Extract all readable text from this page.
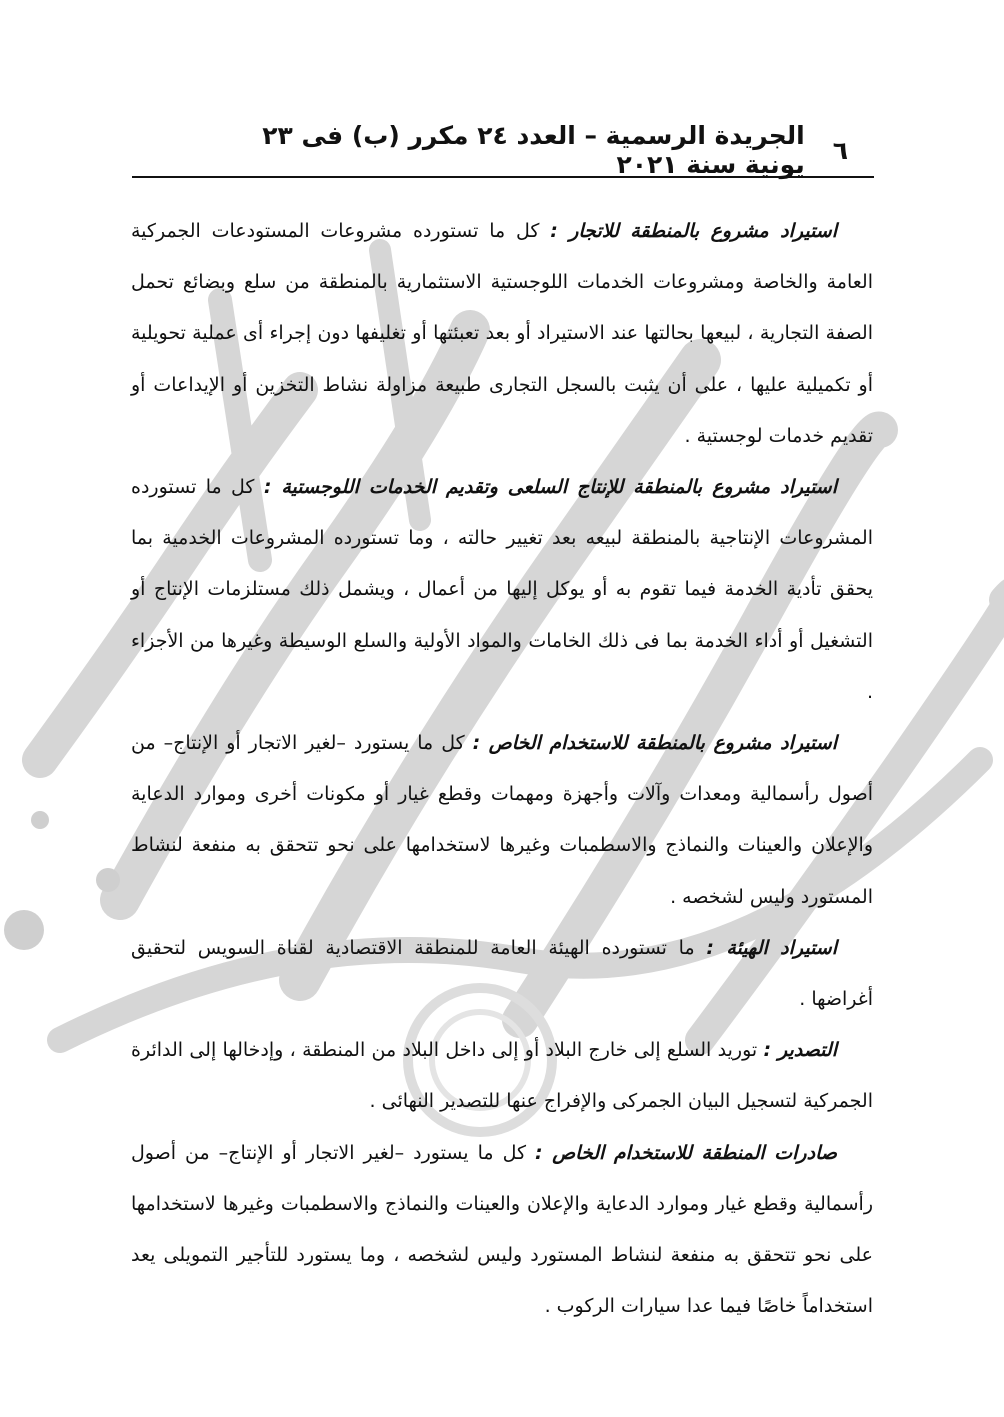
٦
الجريدة الرسمية – العدد ٢٤ مكرر (ب) فى ٢٣ يونية سنة ٢٠٢١

استيراد مشروع بالمنطقة للاتجار : كل ما تستورده مشروعات المستودعات الجمركية العامة والخاصة ومشروعات الخدمات اللوجستية الاستثمارية بالمنطقة من سلع وبضائع تحمل الصفة التجارية ، لبيعها بحالتها عند الاستيراد أو بعد تعبئتها أو تغليفها دون إجراء أى عملية تحويلية أو تكميلية عليها ، على أن يثبت بالسجل التجارى طبيعة مزاولة نشاط التخزين أو الإيداعات أو تقديم خدمات لوجستية .

استيراد مشروع بالمنطقة للإنتاج السلعى وتقديم الخدمات اللوجستية : كل ما تستورده المشروعات الإنتاجية بالمنطقة لبيعه بعد تغيير حالته ، وما تستورده المشروعات الخدمية بما يحقق تأدية الخدمة فيما تقوم به أو يوكل إليها من أعمال ، ويشمل ذلك مستلزمات الإنتاج أو التشغيل أو أداء الخدمة بما فى ذلك الخامات والمواد الأولية والسلع الوسيطة وغيرها من الأجزاء .

استيراد مشروع بالمنطقة للاستخدام الخاص : كل ما يستورد –لغير الاتجار أو الإنتاج– من أصول رأسمالية ومعدات وآلات وأجهزة ومهمات وقطع غيار أو مكونات أخرى وموارد الدعاية والإعلان والعينات والنماذج والاسطمبات وغيرها لاستخدامها على نحو تتحقق به منفعة لنشاط المستورد وليس لشخصه .

استيراد الهيئة : ما تستورده الهيئة العامة للمنطقة الاقتصادية لقناة السويس لتحقيق أغراضها .

التصدير : توريد السلع إلى خارج البلاد أو إلى داخل البلاد من المنطقة ، وإدخالها إلى الدائرة الجمركية لتسجيل البيان الجمركى والإفراج عنها للتصدير النهائى .

صادرات المنطقة للاستخدام الخاص : كل ما يستورد –لغير الاتجار أو الإنتاج– من أصول رأسمالية وقطع غيار وموارد الدعاية والإعلان والعينات والنماذج والاسطمبات وغيرها لاستخدامها على نحو تتحقق به منفعة لنشاط المستورد وليس لشخصه ، وما يستورد للتأجير التمويلى يعد استخداماً خاصًا فيما عدا سيارات الركوب .
